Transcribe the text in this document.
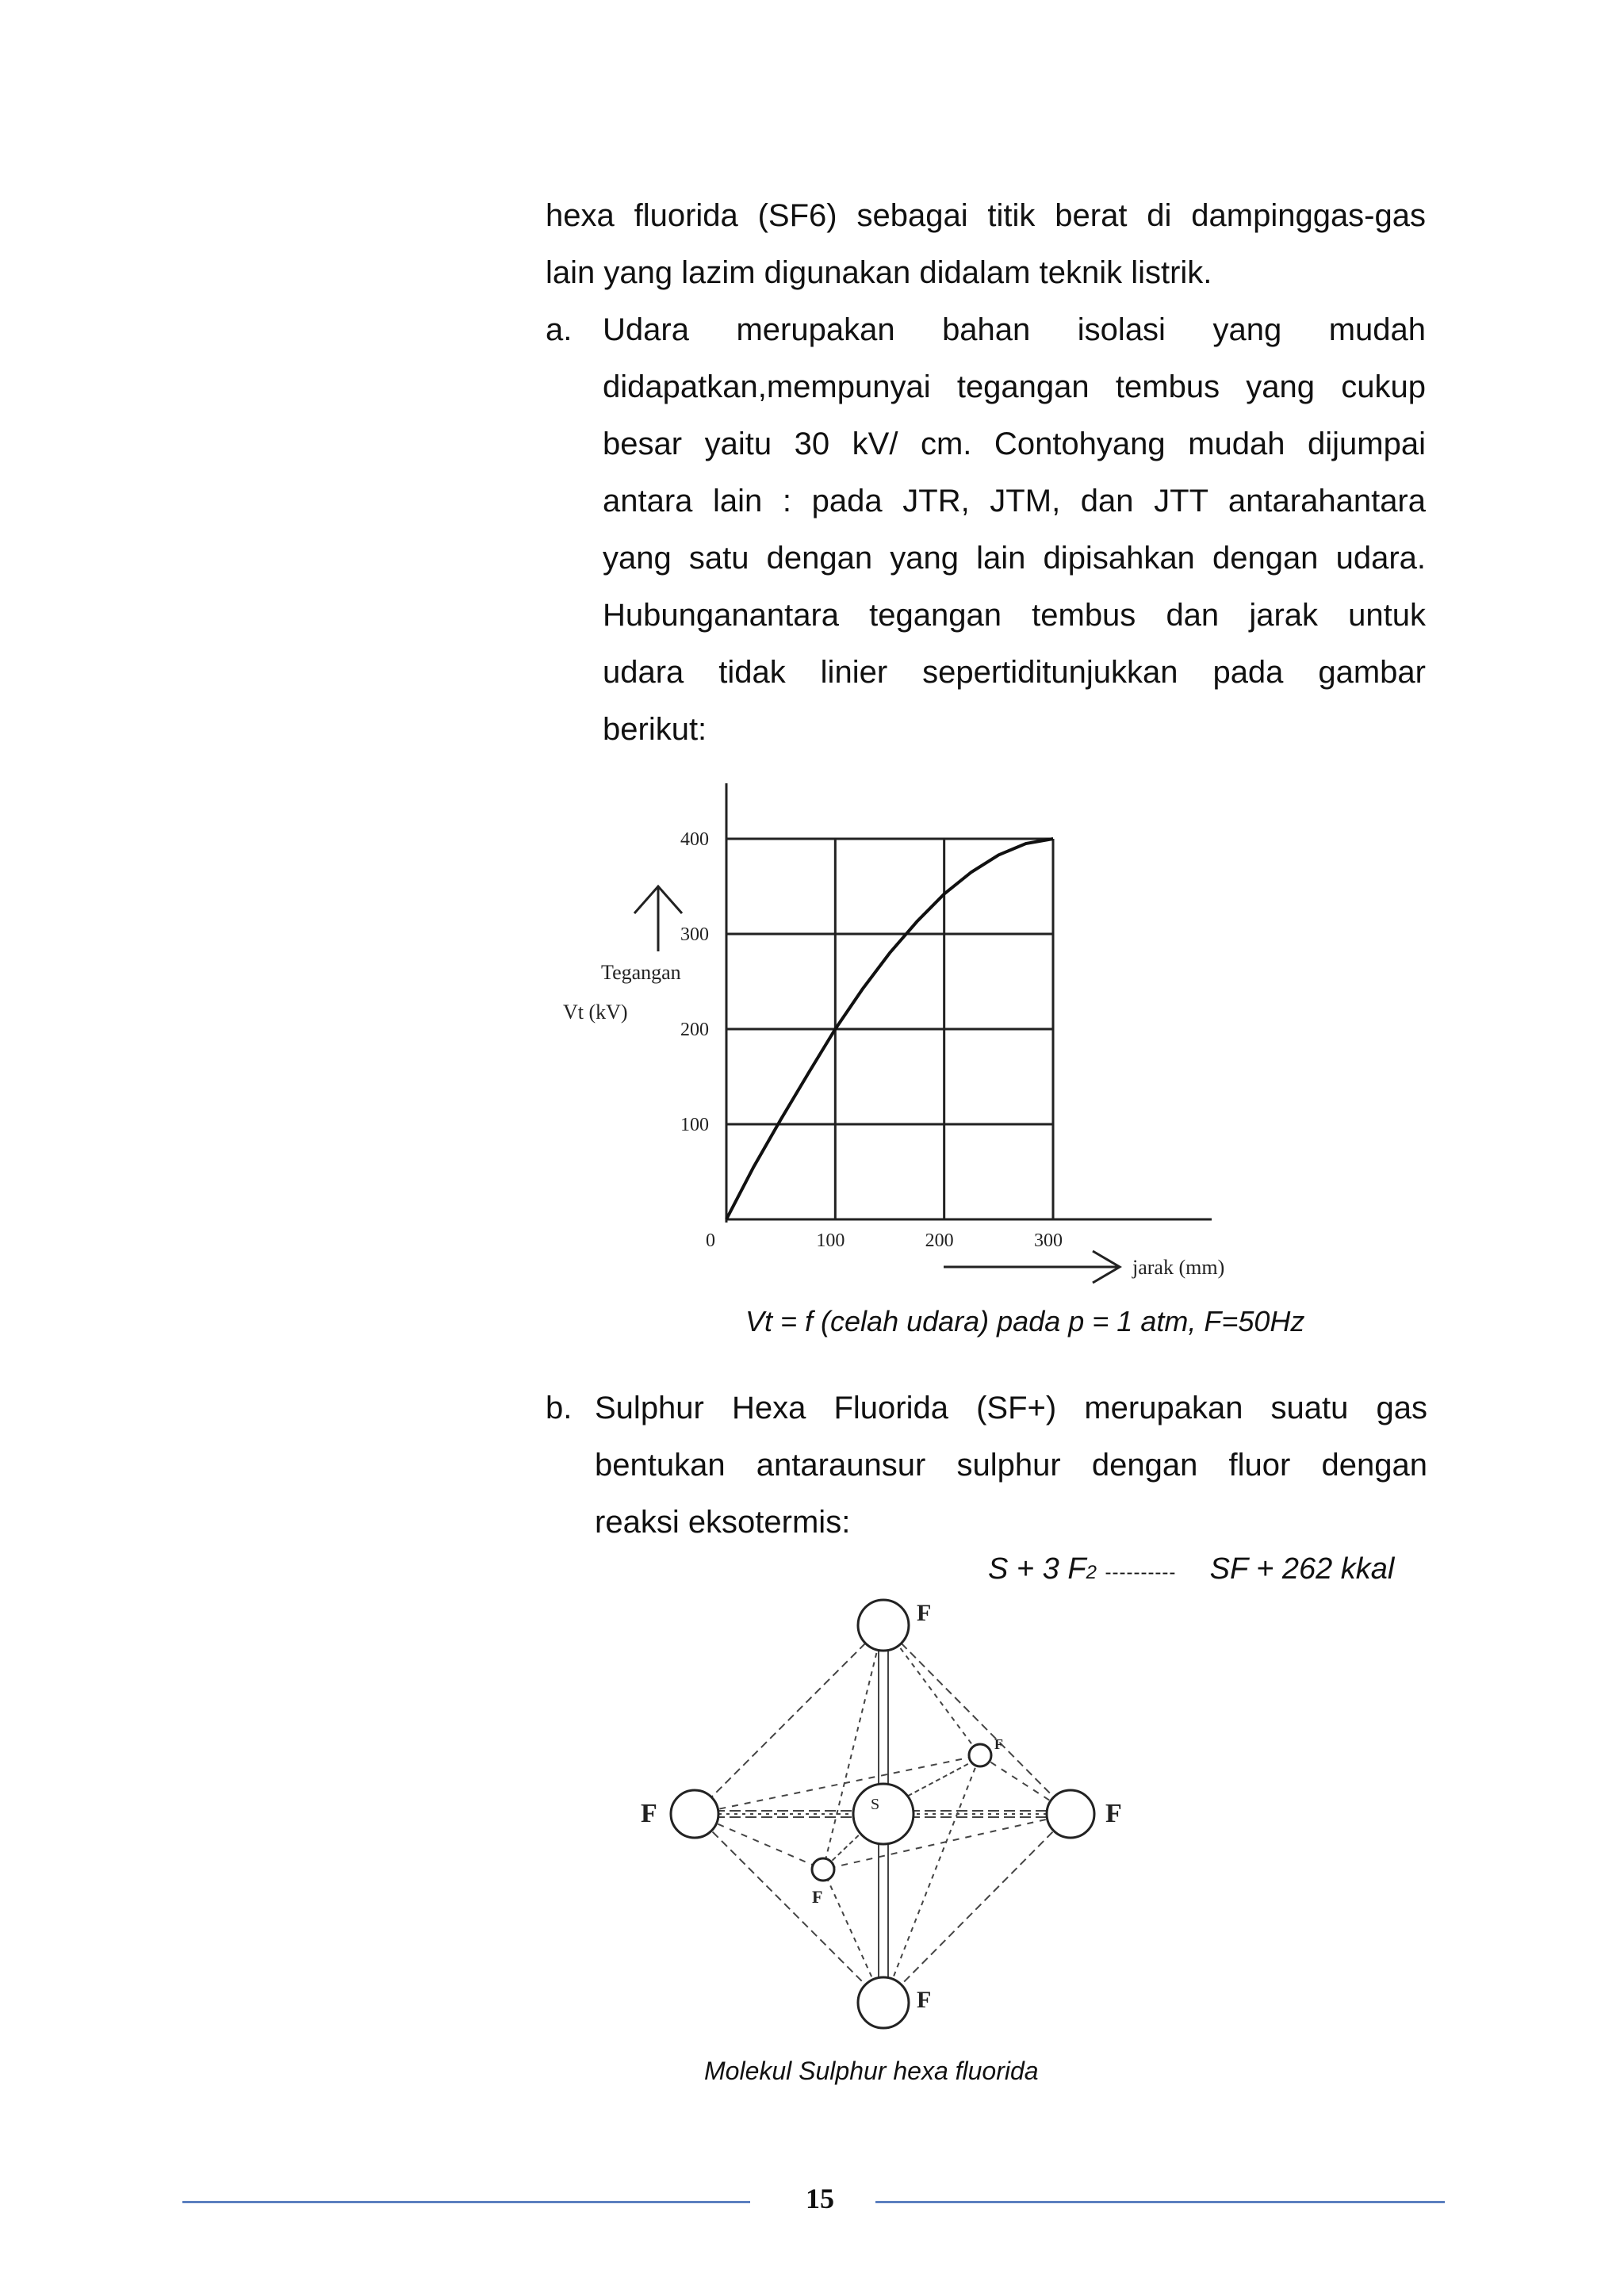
hexa fluorida (SF6) sebagai titik berat di dampinggas-gas
lain yang lazim digunakan didalam teknik listrik.
a. Udara merupakan bahan isolasi yang mudah
didapatkan,mempunyai tegangan tembus yang cukup
besar yaitu 30 kV/ cm. Contohyang mudah dijumpai
antara lain : pada JTR, JTM, dan JTT antarahantara
yang satu dengan yang lain dipisahkan dengan udara.
Hubunganantara tegangan tembus dan jarak untuk
udara tidak linier sepertiditunjukkan pada gambar
berikut:
0	100	200	300
100
200
300
400
Tegangan
Vt (kV)
jarak (mm)
Vt = f (celah udara) pada p = 1 atm, F=50Hz
b. Sulphur Hexa Fluorida (SF+) merupakan suatu gas
bentukan antaraunsur sulphur dengan fluor dengan
reaksi eksotermis:
S + 3 F2 ---------- SF + 262 kkal
F
F	F
F
F
F
S
Molekul Sulphur hexa fluorida
15
